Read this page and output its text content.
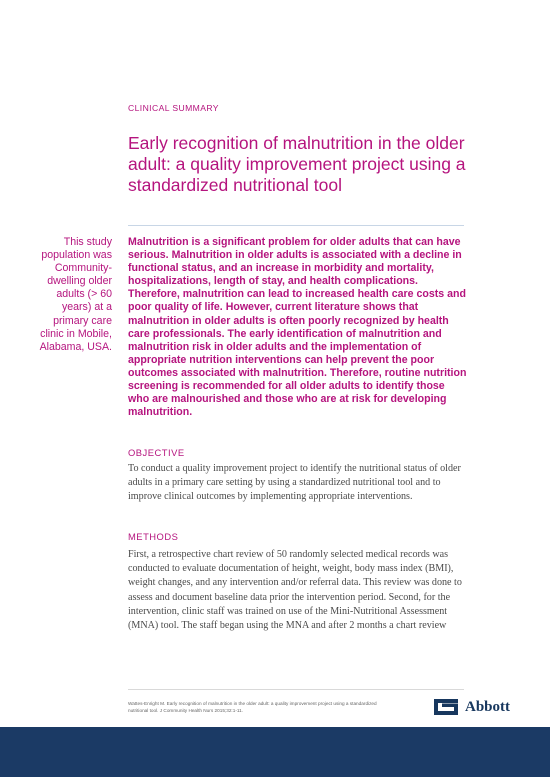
CLINICAL SUMMARY
Early recognition of malnutrition in the older adult: a quality improvement project using a standardized nutritional tool
This study population was Community-dwelling older adults (> 60 years) at a primary care clinic in Mobile, Alabama, USA.

Malnutrition is a significant problem for older adults that can have serious. Malnutrition in older adults is associated with a decline in functional status, and an increase in morbidity and mortality, hospitalizations, length of stay, and health complications. Therefore, malnutrition can lead to increased health care costs and poor quality of life. However, current literature shows that malnutrition in older adults is often poorly recognized by health care professionals. The early identification of malnutrition and malnutrition risk in older adults and the implementation of appropriate nutrition interventions can help prevent the poor outcomes associated with malnutrition. Therefore, routine nutrition screening is recommended for all older adults to identify those who are malnourished and those who are at risk for developing malnutrition.

OBJECTIVE

To conduct a quality improvement project to identify the nutritional status of older adults in a primary care setting by using a standardized nutritional tool and to improve clinical outcomes by implementing appropriate interventions.

METHODS

First, a retrospective chart review of 50 randomly selected medical records was conducted to evaluate documentation of height, weight, body mass index (BMI), weight changes, and any intervention and/or referral data. This review was done to assess and document baseline data prior the intervention period. Second, for the intervention, clinic staff was trained on use of the Mini-Nutritional Assessment (MNA) tool. The staff began using the MNA and after 2 months a chart review

Wattes-Enright M. Early recognition of malnutrition in the older adult: a quality improvement project using a standardized nutritional tool. J Community Health Nurs 2015;32:1-11.	Abbott
